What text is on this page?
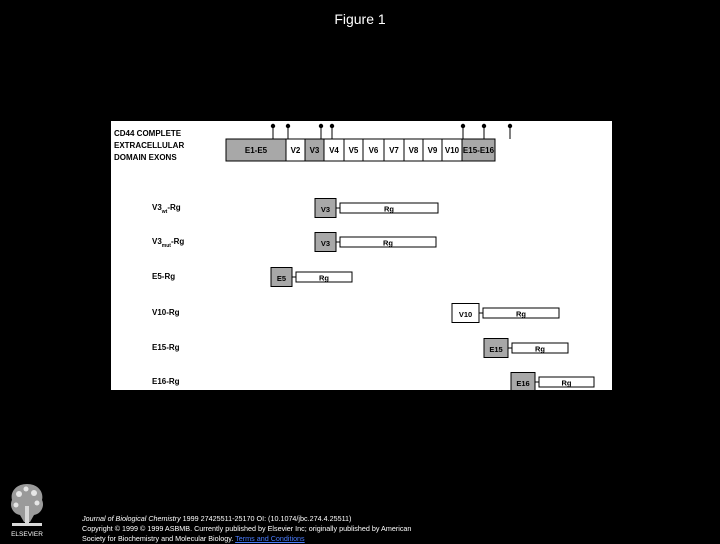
Figure 1
CD44 COMPLETE
EXTRACELLULAR
DOMAIN EXONS
E1-E5	V2 V3 V4 V5 V6 V7 V8 V9 V10 E15-E16
$V3_{wt}-Rg$	V3	Rg
$V3_{mut}-Rg$	V3	Rg
E5-Rg	E5	Rg
V10-Rg	V10	Rg
E15-Rg	E15	Rg
E16-Rg	E16	Rg
ELSEVIER
Journal of Biological Chemistry 1999 27425511-25170 OI: (10.1074/jbc.274.4.25511)
Copyright © 1999 © 1999 ASBMB. Currently published by Elsevier Inc; originally published by American
Society for Biochemistry and Molecular Biology. Terms and Conditions
